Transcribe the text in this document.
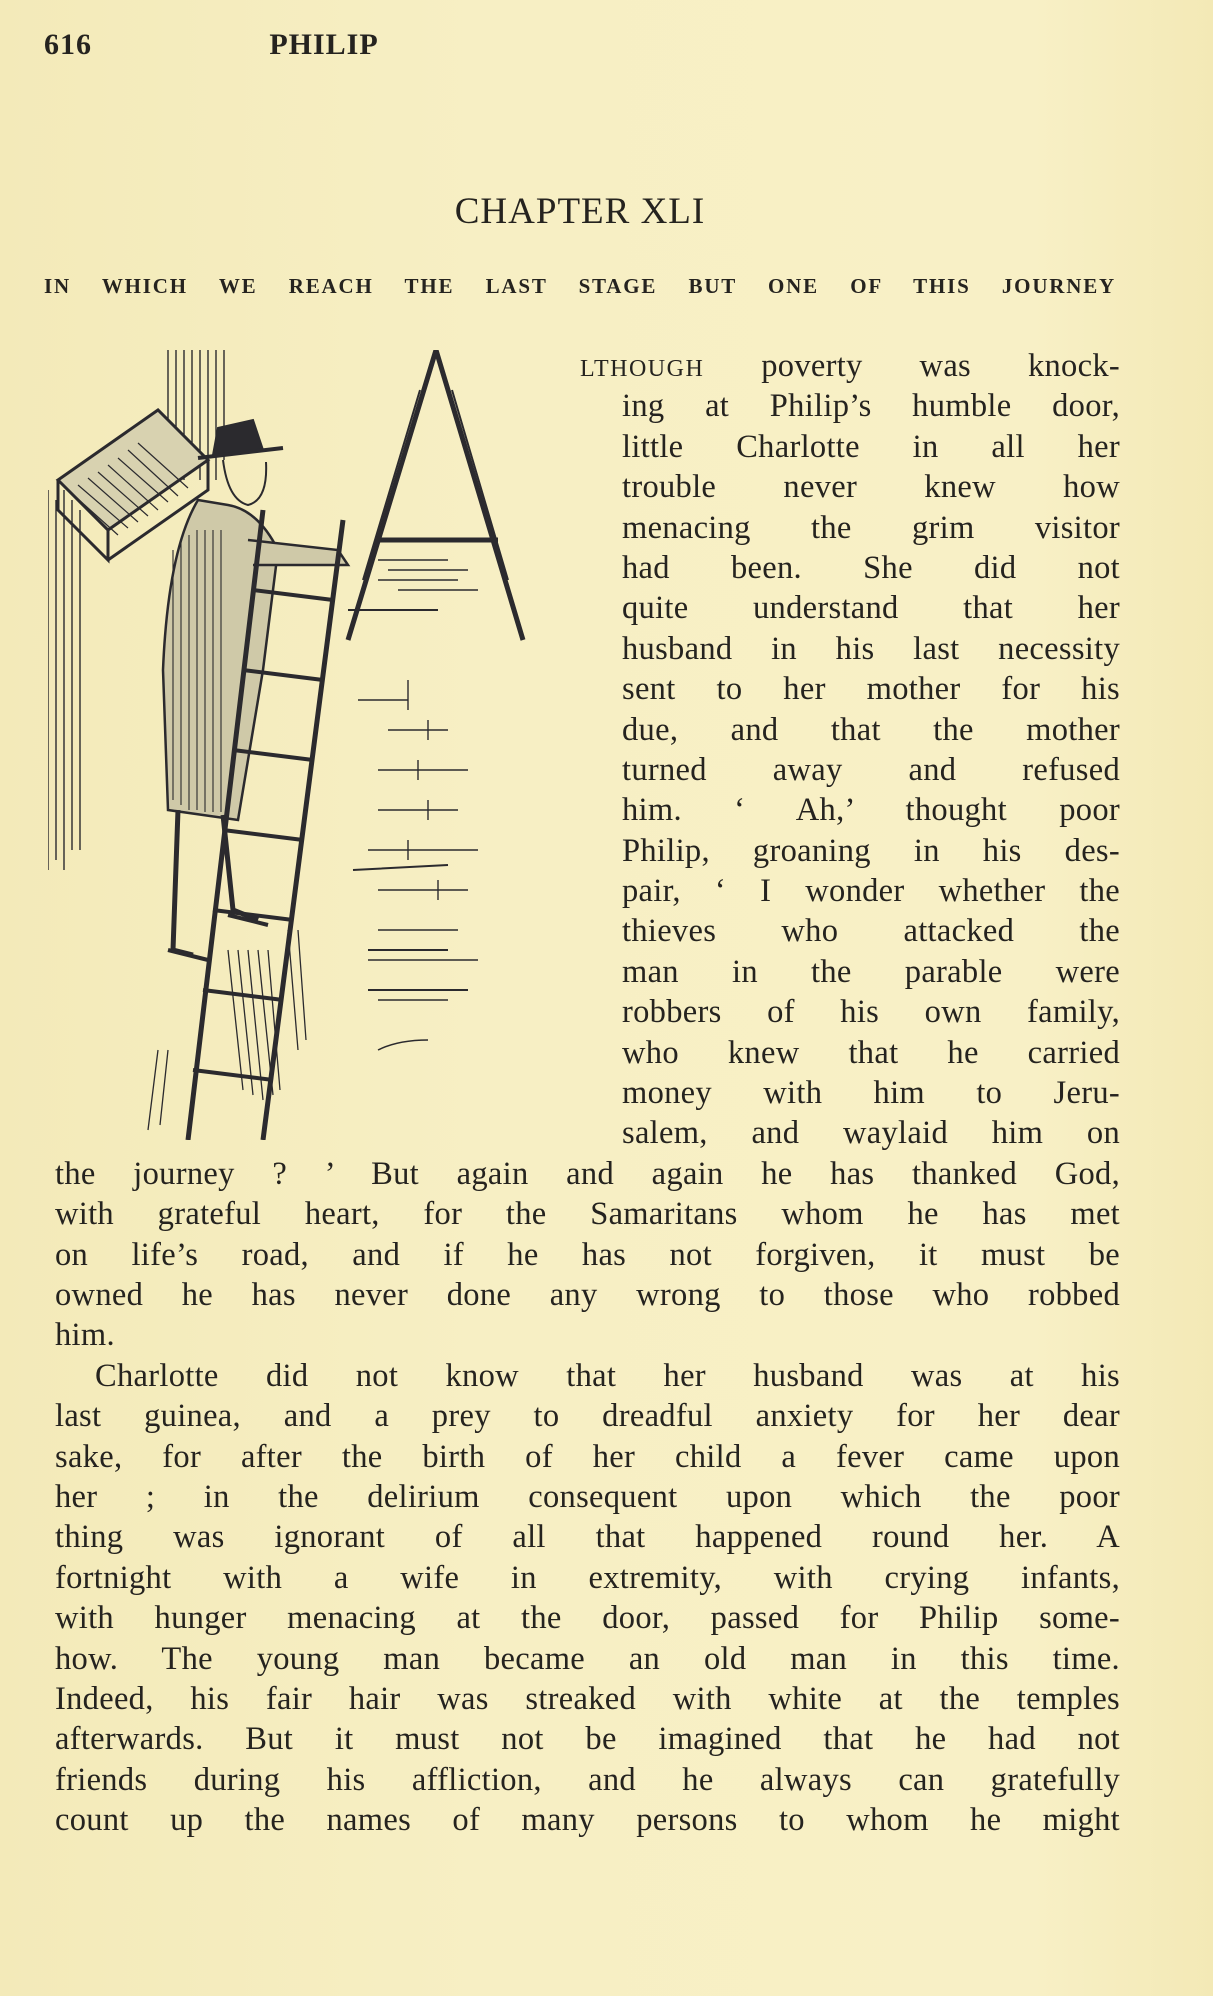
616	PHILIP
CHAPTER XLI
IN WHICH WE REACH THE LAST STAGE BUT ONE OF THIS JOURNEY
LTHOUGH poverty was knock-
ing at Philip’s humble door,
little Charlotte in all her
trouble never knew how
menacing the grim visitor
had been. She did not
quite understand that her
husband in his last necessity
sent to her mother for his
due, and that the mother
turned away and refused
him. ‘ Ah,’ thought poor
Philip, groaning in his des-
pair, ‘ I wonder whether the
thieves who attacked the
man in the parable were
robbers of his own family,
who knew that he carried
money with him to Jeru-
salem, and waylaid him on
the journey ? ’ But again and again he has thanked God,
with grateful heart, for the Samaritans whom he has met
on life’s road, and if he has not forgiven, it must be
owned he has never done any wrong to those who robbed
him.
Charlotte did not know that her husband was at his
last guinea, and a prey to dreadful anxiety for her dear
sake, for after the birth of her child a fever came upon
her ; in the delirium consequent upon which the poor
thing was ignorant of all that happened round her. A
fortnight with a wife in extremity, with crying infants,
with hunger menacing at the door, passed for Philip some-
how. The young man became an old man in this time.
Indeed, his fair hair was streaked with white at the temples
afterwards. But it must not be imagined that he had not
friends during his affliction, and he always can gratefully
count up the names of many persons to whom he might
